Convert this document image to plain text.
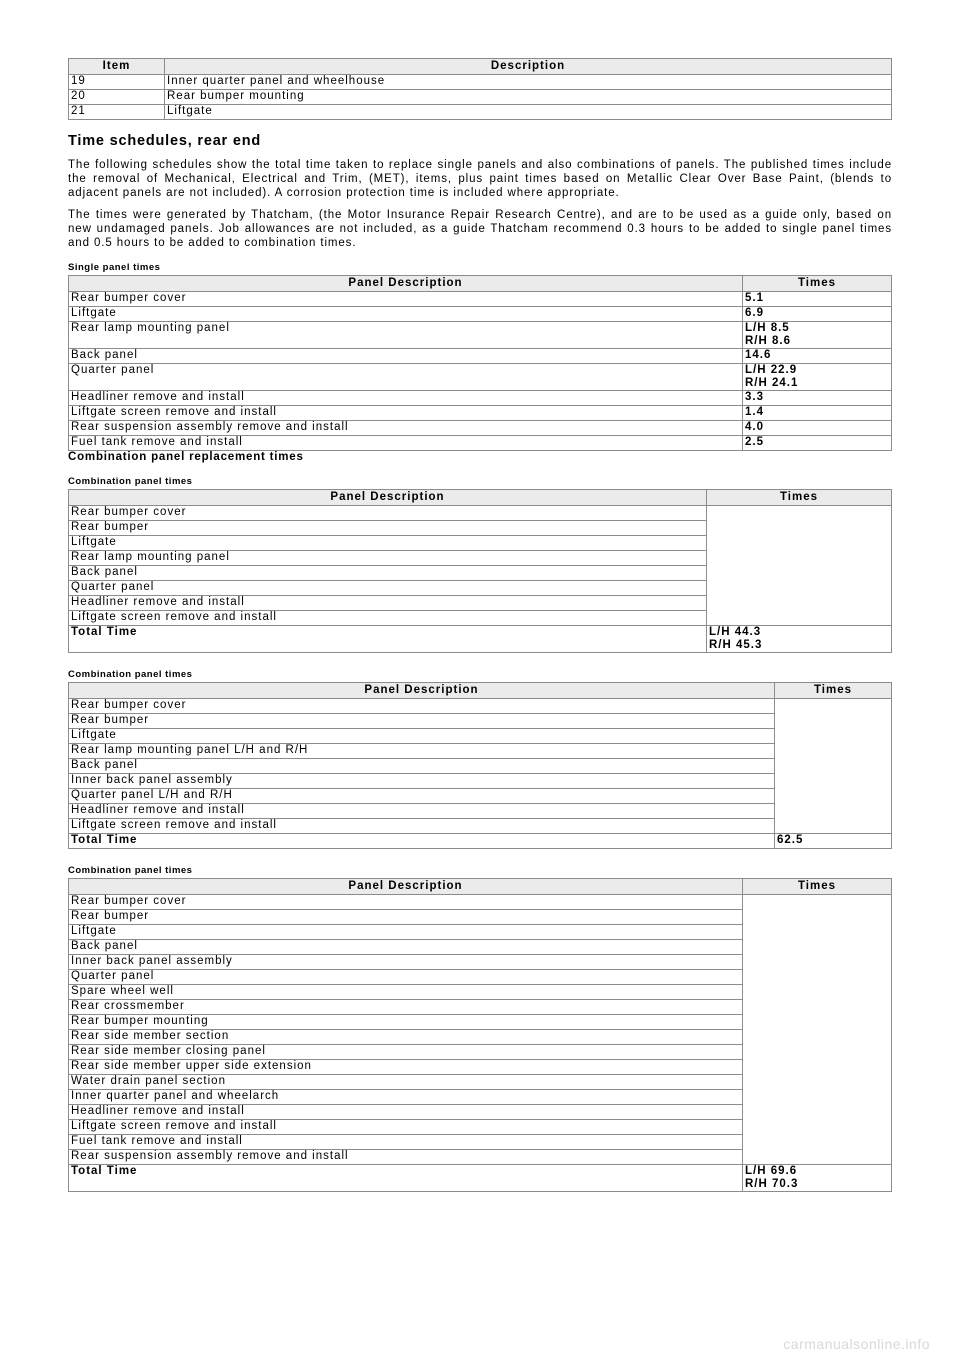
Item	Description
19	Inner quarter panel and wheelhouse
20	Rear bumper mounting
21	Liftgate
Time schedules, rear end

The following schedules show the total time taken to replace single panels and also combinations of panels. The published times include the removal of Mechanical, Electrical and Trim, (MET), items, plus paint times based on Metallic Clear Over Base Paint, (blends to adjacent panels are not included). A corrosion protection time is included where appropriate.

The times were generated by Thatcham, (the Motor Insurance Repair Research Centre), and are to be used as a guide only, based on new undamaged panels. Job allowances are not included, as a guide Thatcham recommend 0.3 hours to be added to single panel times and 0.5 hours to be added to combination times.

Single panel times
Panel Description	Times
Rear bumper cover	5.1
Liftgate	6.9
Rear lamp mounting panel	L/H 8.5
R/H 8.6

Back panel	14.6
Quarter panel	L/H 22.9
R/H 24.1

Headliner remove and install	3.3
Liftgate screen remove and install	1.4
Rear suspension assembly remove and install	4.0
Fuel tank remove and install	2.5
Combination panel replacement times
Combination panel times
Panel Description	Times
Rear bumper cover	
Rear bumper	
Liftgate	
Rear lamp mounting panel	
Back panel	
Quarter panel	
Headliner remove and install	
Liftgate screen remove and install	
Total Time	L/H 44.3
R/H 45.3
Combination panel times
Panel Description	Times
Rear bumper cover	
Rear bumper	
Liftgate	
Rear lamp mounting panel L/H and R/H	
Back panel	
Inner back panel assembly	
Quarter panel L/H and R/H	
Headliner remove and install	
Liftgate screen remove and install	
Total Time	62.5
Combination panel times
Panel Description	Times
Rear bumper cover	
Rear bumper	
Liftgate	
Back panel	
Inner back panel assembly	
Quarter panel	
Spare wheel well	
Rear crossmember	
Rear bumper mounting	
Rear side member section	
Rear side member closing panel	
Rear side member upper side extension	
Water drain panel section	
Inner quarter panel and wheelarch	
Headliner remove and install	
Liftgate screen remove and install	
Fuel tank remove and install	
Rear suspension assembly remove and install	
Total Time	L/H 69.6
R/H 70.3
carmanualsonline.info
